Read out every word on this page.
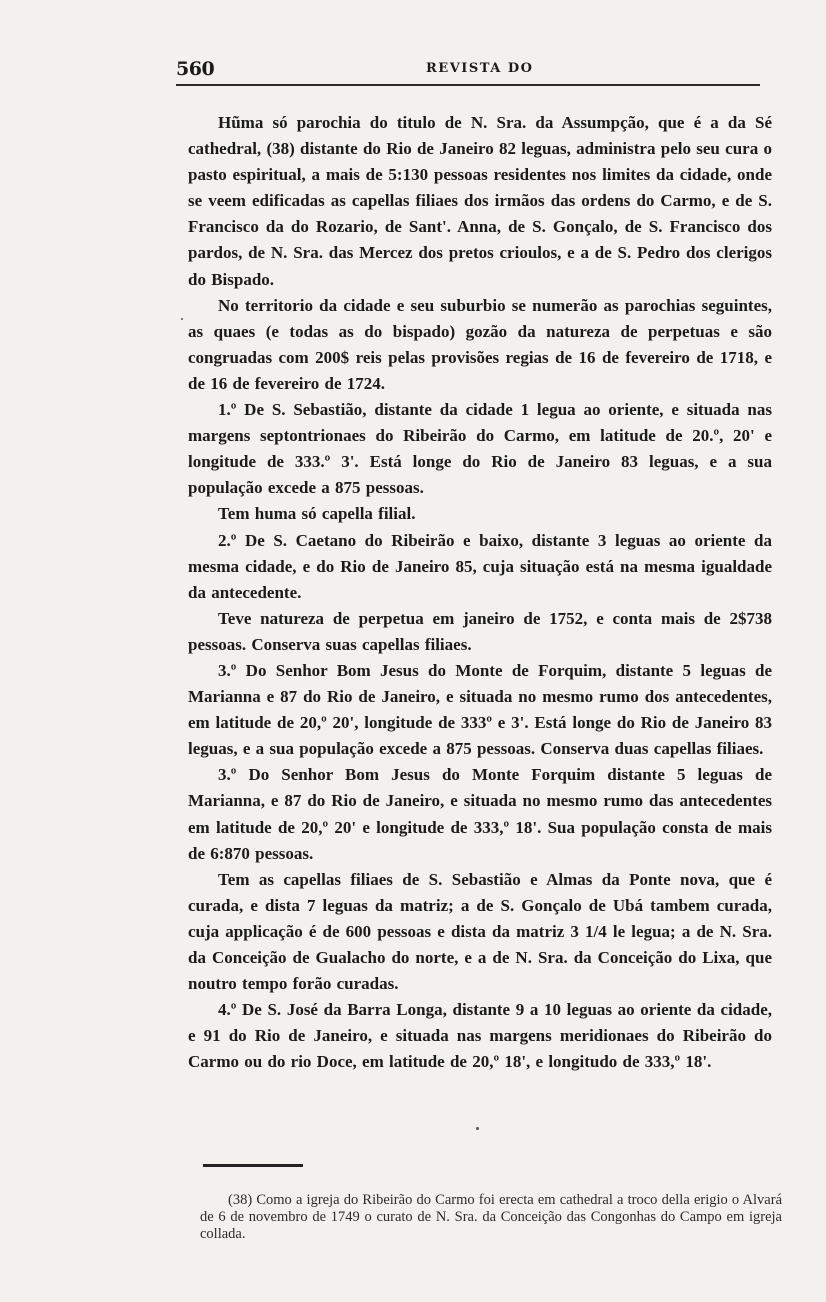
560	REVISTA DO

Hũma só parochia do titulo de N. Sra. da Assumpção, que é a da Sé cathedral, (38) distante do Rio de Janeiro 82 leguas, administra pelo seu cura o pasto espiritual, a mais de 5:130 pessoas residentes nos limites da cidade, onde se veem edificadas as capellas filiaes dos irmãos das ordens do Carmo, e de S. Francisco da do Rozario, de Sant'. Anna, de S. Gonçalo, de S. Francisco dos pardos, de N. Sra. das Mercez dos pretos crioulos, e a de S. Pedro dos clerigos do Bispado.

No territorio da cidade e seu suburbio se numerão as parochias seguintes, as quaes (e todas as do bispado) gozão da natureza de perpetuas e são congruadas com 200$ reis pelas provisões regias de 16 de fevereiro de 1718, e de 16 de fevereiro de 1724.

1.º De S. Sebastião, distante da cidade 1 legua ao oriente, e situada nas margens septontrionaes do Ribeirão do Carmo, em latitude de 20.º, 20' e longitude de 333.º 3'. Está longe do Rio de Janeiro 83 leguas, e a sua população excede a 875 pessoas.

Tem huma só capella filial.

2.º De S. Caetano do Ribeirão e baixo, distante 3 leguas ao oriente da mesma cidade, e do Rio de Janeiro 85, cuja situação está na mesma igualdade da antecedente.

Teve natureza de perpetua em janeiro de 1752, e conta mais de 2$738 pessoas. Conserva suas capellas filiaes.

3.º Do Senhor Bom Jesus do Monte de Forquim, distante 5 leguas de Marianna e 87 do Rio de Janeiro, e situada no mesmo rumo dos antecedentes, em latitude de 20,º 20', longitude de 333º e 3'. Está longe do Rio de Janeiro 83 leguas, e a sua população excede a 875 pessoas. Conserva duas capellas filiaes.

3.º Do Senhor Bom Jesus do Monte Forquim distante 5 leguas de Marianna, e 87 do Rio de Janeiro, e situada no mesmo rumo das antecedentes em latitude de 20,º 20' e longitude de 333,º 18'. Sua população consta de mais de 6:870 pessoas.

Tem as capellas filiaes de S. Sebastião e Almas da Ponte nova, que é curada, e dista 7 leguas da matriz; a de S. Gonçalo de Ubá tambem curada, cuja applicação é de 600 pessoas e dista da matriz 3 1/4 le legua; a de N. Sra. da Conceição de Gualacho do norte, e a de N. Sra. da Conceição do Lixa, que noutro tempo forão curadas.

4.º De S. José da Barra Longa, distante 9 a 10 leguas ao oriente da cidade, e 91 do Rio de Janeiro, e situada nas margens meridionaes do Ribeirão do Carmo ou do rio Doce, em latitude de 20,º 18', e longitudo de 333,º 18'.

(38) Como a igreja do Ribeirão do Carmo foi erecta em cathedral a troco della erigio o Alvará de 6 de novembro de 1749 o curato de N. Sra. da Conceição das Congonhas do Campo em igreja collada.
